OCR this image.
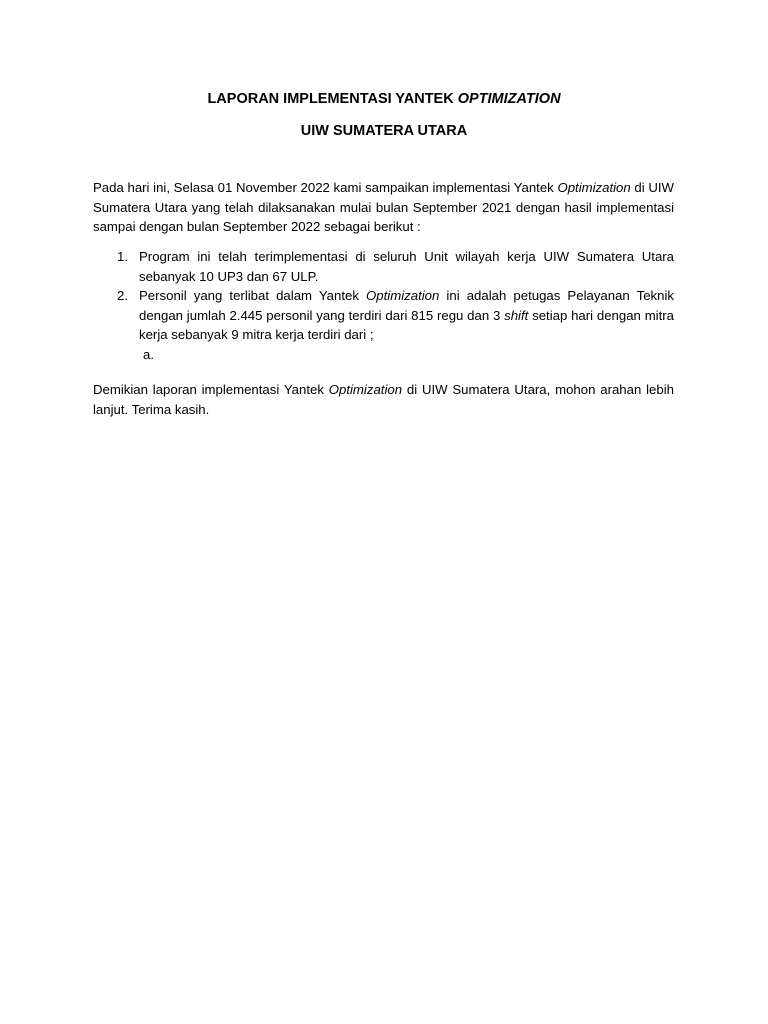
LAPORAN IMPLEMENTASI YANTEK OPTIMIZATION
UIW SUMATERA UTARA
Pada hari ini, Selasa 01 November 2022 kami sampaikan implementasi Yantek Optimization di UIW Sumatera Utara yang telah dilaksanakan mulai bulan September 2021 dengan hasil implementasi sampai dengan bulan September 2022 sebagai berikut :
1. Program ini telah terimplementasi di seluruh Unit wilayah kerja UIW Sumatera Utara sebanyak 10 UP3 dan 67 ULP.
2. Personil yang terlibat dalam Yantek Optimization ini adalah petugas Pelayanan Teknik dengan jumlah 2.445 personil yang terdiri dari 815 regu dan 3 shift setiap hari dengan mitra kerja sebanyak 9 mitra kerja terdiri dari ;
a.
Demikian laporan implementasi Yantek Optimization di UIW Sumatera Utara, mohon arahan lebih lanjut. Terima kasih.
